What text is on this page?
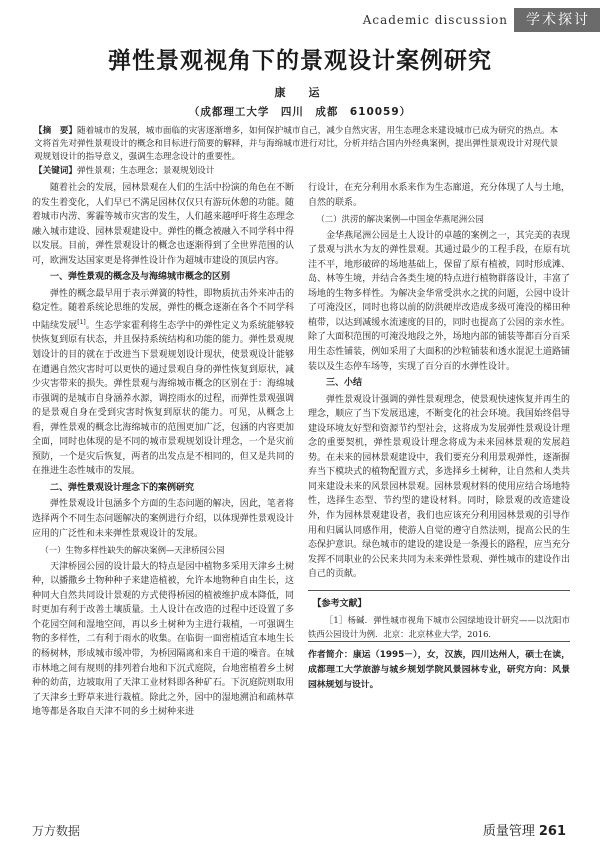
Academic discussion	学术探讨
弹性景观视角下的景观设计案例研究
康　运
（成都理工大学　四川　成都　610059）
【摘　要】随着城市的发展，城市面临的灾害逐渐增多，如何保护城市自己，减少自然灾害，用生态理念来建设城市已成为研究的热点。本文将首先对弹性景观设计的概念和目标进行简要的解释，并与海绵城市进行对比，分析并结合国内外经典案例，提出弹性景观设计对现代景观规划设计的指导意义，强调生态理念设计的重要性。
【关键词】弹性景观；生态理念；景观规划设计

随着社会的发展，园林景观在人们的生活中扮演的角色在不断的发生着变化，人们早已不满足园林仅仅只有游玩休憩的功能。随着城市内涝、雾霾等城市灾害的发生，人们越来越呼吁将生态理念融入城市建设、园林景观建设中。弹性的概念被融入不同学科中得以发展。目前，弹性景观设计的概念也逐渐得到了全世界范围的认可，欧洲发达国家更是将弹性设计作为超城市建设的顶层内容。

一、弹性景观的概念及与海绵城市概念的区别

弹性的概念最早用于表示弹簧的特性，即物质抗击外来冲击的稳定性。随着系统论思维的发展，弹性的概念逐渐在各个不同学科中陆续发展[1]。生态学家霍利将生态学中的弹性定义为系统能够较快恢复到原有状态，并且保持系统结构和功能的能力。弹性景观规划设计的目的就在于改进当下景观规划设计现状，使景观设计能够在遭遇自然灾害时可以更快的通过景观自身的弹性恢复到原状，减少灾害带来的损失。弹性景观与海绵城市概念的区别在于：海绵城市强调的是城市自身涵养水源，调控雨水的过程，而弹性景观强调的是景观自身在受到灾害时恢复到原状的能力。可见，从概念上看，弹性景观的概念比海绵城市的范围更加广泛，包涵的内容更加全面，同时也体现的是不同的城市景观规划设计理念，一个是灾前预防，一个是灾后恢复，两者的出发点是不相同的，但又是共同的在推进生态性城市的发展。

二、弹性景观设计理念下的案例研究

弹性景观设计包涵多个方面的生态问题的解决，因此，笔者将选择两个不同生态问题解决的案例进行介绍，以体现弹性景观设计应用的广泛性和未来弹性景观设计的发展。

（一）生物多样性缺失的解决案例—天津桥园公园

天津桥园公园的设计最大的特点是园中植物多采用天津乡土树种，以播撒乡土物种种子来建造植被，允许本地物种自由生长，这种同大自然共同设计景观的方式使得桥园的植被维护成本降低，同时更加有利于改善土壤质量。土人设计在改造的过程中还设置了多个花园空间和湿地空间，再以乡土树种为主进行栽植，一可强调生物的多样性，二有利于雨水的收集。在临街一面密植适宜本地生长的杨树林，形成城市缓冲带，为桥园隔离和来自干道的噪音。在城市林地之间有规则的排列着台地和下沉式庭院，台地密植着乡土树种的幼苗，边坡取用了天津工业材料即各种矿石。下沉庭院则取用了天津乡土野草来进行栽植。除此之外，园中的湿地溯泊和疏林草地等都是各取自天津不同的乡土树种来进

行设计，在充分利用水系来作为生态廊道，充分体现了人与土地，自然的联系。

（二）洪涝的解决案例—中国金华燕尾洲公园

金华燕尾洲公园是土人设计的卓越的案例之一，其完美的表现了景观与洪水为友的弹性景观。其通过最少的工程手段，在原有坑洼不平，地形破碎的场地基础上，保留了原有植被，同时形成滩、岛、林等生境，并结合各类生境的特点进行植物群落设计，丰富了场地的生物多样性。为解决金华常受洪水之扰的问题，公园中设计了可淹没区，同时也将以前的防洪硬岸改造成多级可淹没的梯田种植带，以达到减缓水流速度的目的，同时也提高了公园的亲水性。除了大面积范围的可淹没地段之外，场地内部的铺装等都百分百采用生态性铺装，例如采用了大面积的沙粒铺装和透水混泥土道路铺装以及生态停车场等，实现了百分百的水弹性设计。

三、小结

弹性景观设计强调的弹性景观理念，使景观快速恢复并再生的理念，顺应了当下发展迅速，不断变化的社会环境。我国始终倡导建设环境友好型和资源节约型社会，这将成为发展弹性景观设计理念的重要契机，弹性景观设计理念将成为未来园林景观的发展趋势。在未来的园林景观建设中，我们要充分利用景观弹性，逐渐摒弃当下模块式的植物配置方式，多选择乡土树种，让自然和人类共同来建设未来的风景园林景观。园林景观材料的使用应结合场地特性，选择生态型、节约型的建设材料。同时，除景观的改造建设外，作为园林景观建设者，我们也应该充分利用园林景观的引导作用和归属认同感作用，使游人自觉的遵守自然法则，提高公民的生态保护意识。绿色城市的建设的建设是一条漫长的路程，应当充分发挥不同职业的公民来共同为未来弹性景观、弹性城市的建设作出自己的贡献。

【参考文献】

［1］杨碱．弹性城市视角下城市公园绿地设计研究——以沈阳市铁西公园设计为例．北京：北京林业大学，2016．

作者简介：康运（1995－），女，汉族，四川达州人，硕士在读，成都理工大学旅游与城乡规划学院风景园林专业，研究方向：风景园林规划与设计。

万方数据	质量管理 261
